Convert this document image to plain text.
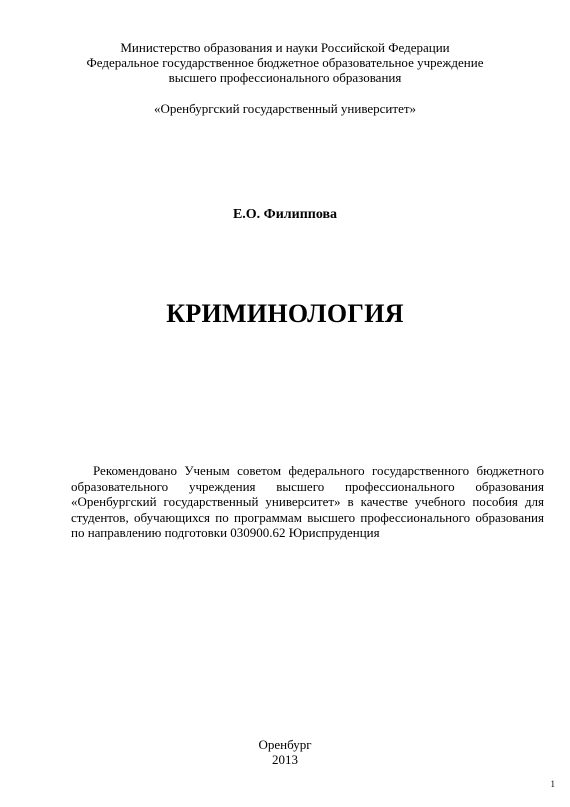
Министерство образования и науки Российской Федерации
Федеральное государственное бюджетное образовательное учреждение
высшего профессионального образования
«Оренбургский государственный университет»
Е.О. Филиппова
КРИМИНОЛОГИЯ

Рекомендовано Ученым советом федерального государственного бюджетного образовательного учреждения высшего профессионального образования «Оренбургский государственный университет» в качестве учебного пособия для студентов, обучающихся по программам высшего профессионального образования по направлению подготовки 030900.62 Юриспруденция

Оренбург
2013
1
